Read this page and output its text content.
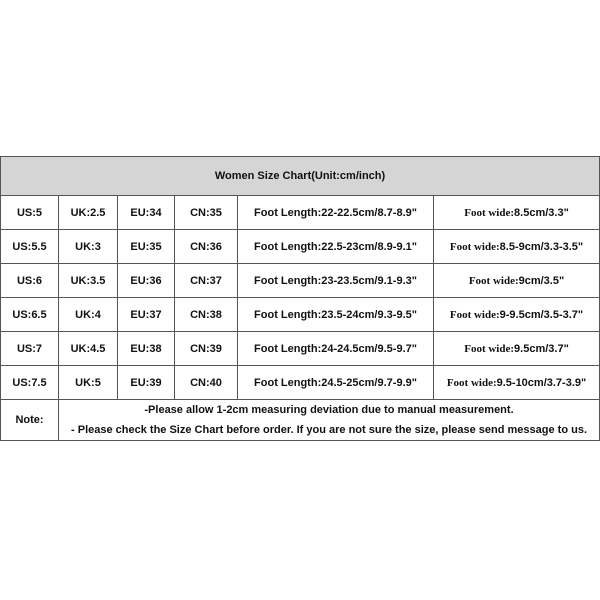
Women Size Chart(Unit:cm/inch)					
US:5	UK:2.5	EU:34	CN:35	Foot Length:22-22.5cm/8.7-8.9"	Foot wide:8.5cm/3.3"
US:5.5	UK:3	EU:35	CN:36	Foot Length:22.5-23cm/8.9-9.1"	Foot wide:8.5-9cm/3.3-3.5"
US:6	UK:3.5	EU:36	CN:37	Foot Length:23-23.5cm/9.1-9.3"	Foot wide:9cm/3.5"
US:6.5	UK:4	EU:37	CN:38	Foot Length:23.5-24cm/9.3-9.5"	Foot wide:9-9.5cm/3.5-3.7"
US:7	UK:4.5	EU:38	CN:39	Foot Length:24-24.5cm/9.5-9.7"	Foot wide:9.5cm/3.7"
US:7.5	UK:5	EU:39	CN:40	Foot Length:24.5-25cm/9.7-9.9"	Foot wide:9.5-10cm/3.7-3.9"
Note:	-Please allow 1-2cm measuring deviation due to manual measurement.
- Please check the Size Chart before order. If you are not sure the size, please send message to us.				
